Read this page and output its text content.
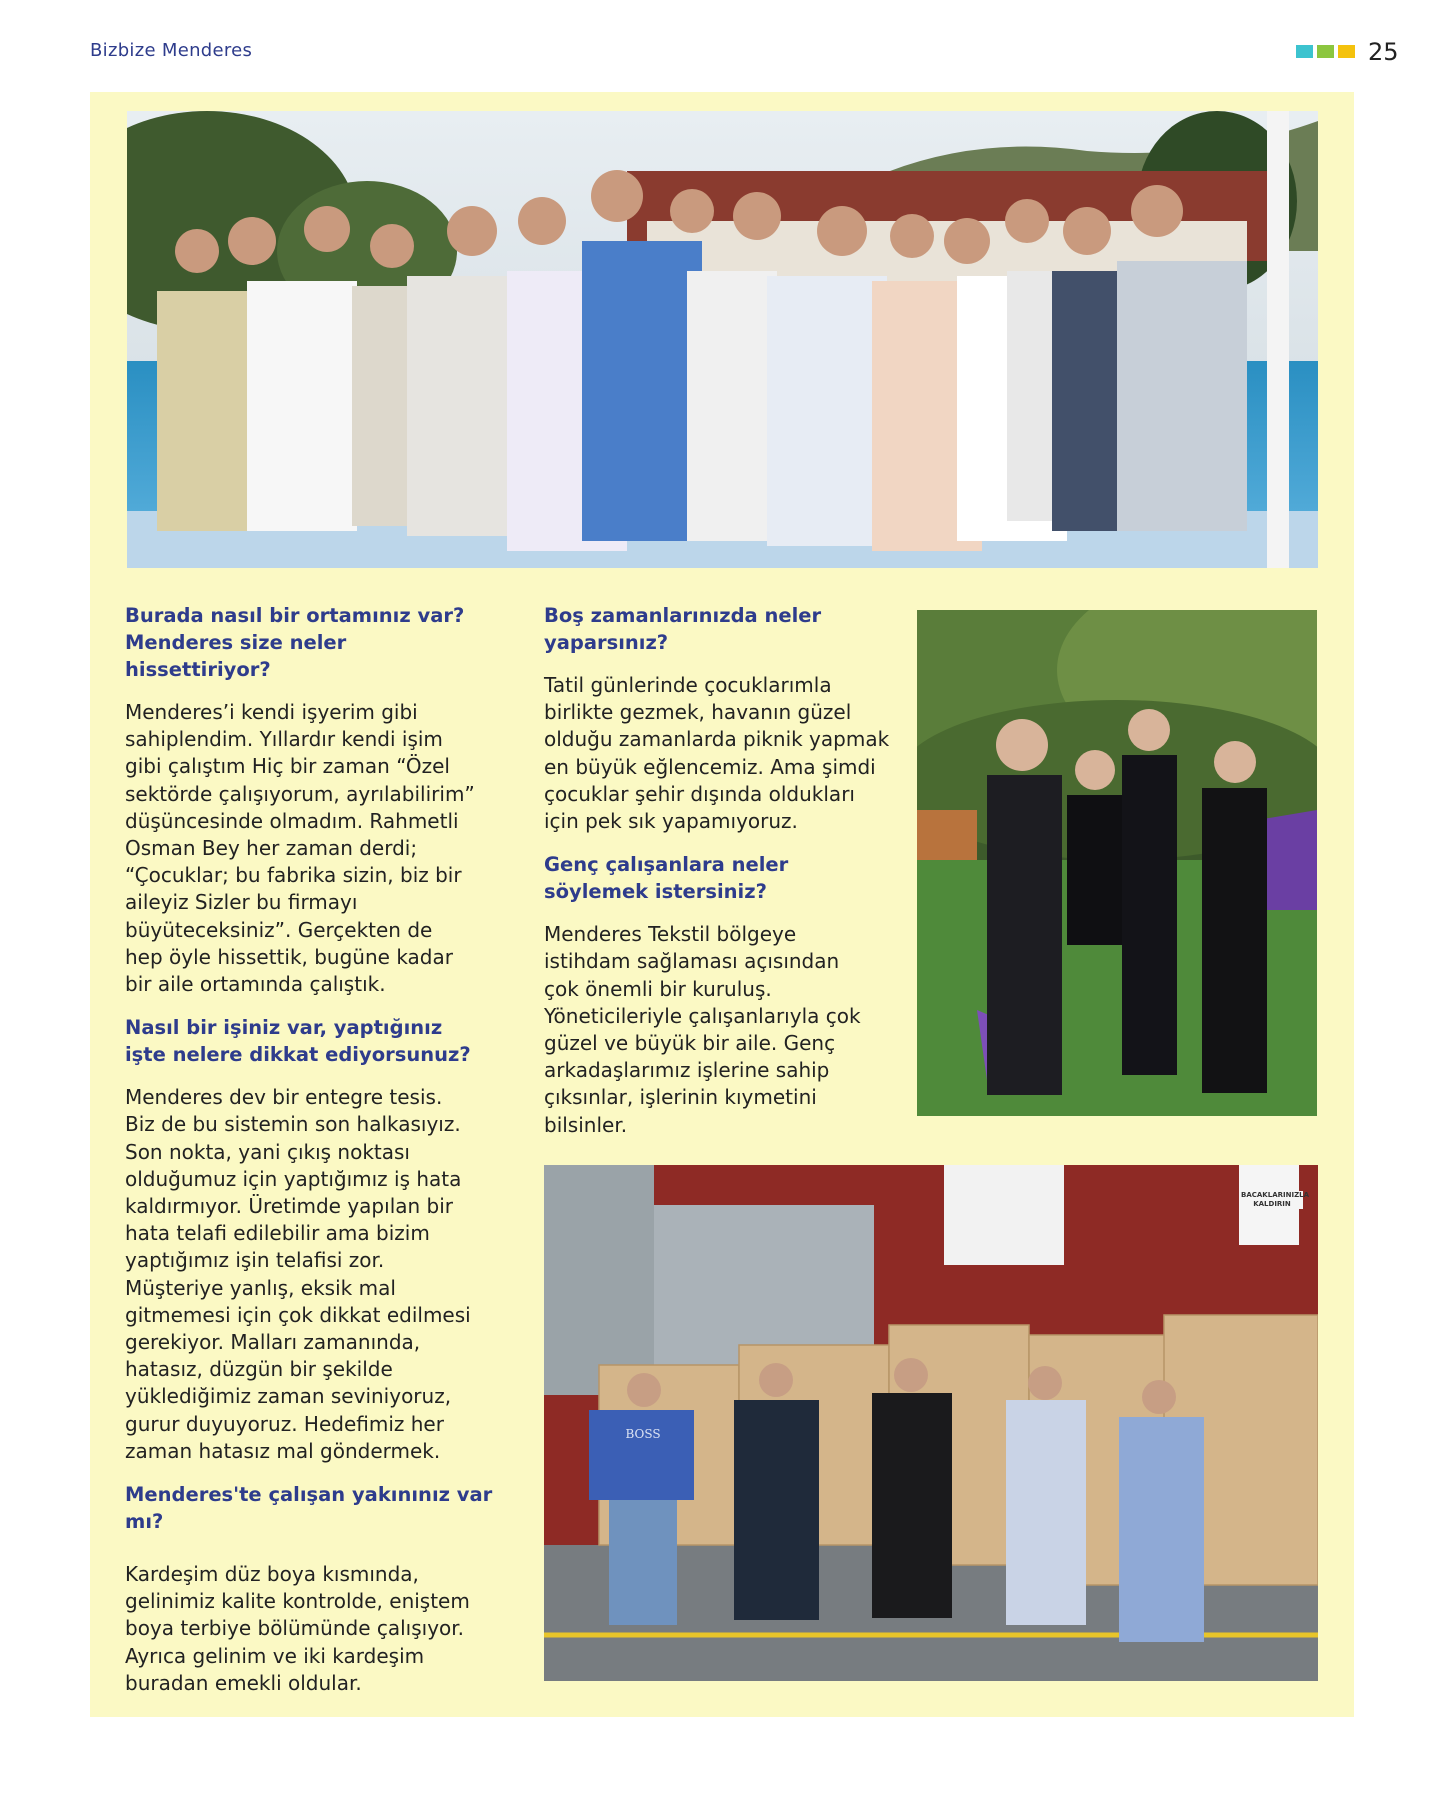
Bizbize Menderes	25
BACAKLARINIZLA
KALDIRIN
BOSS
Burada nasıl bir ortamınız var?
Menderes size neler
hissettiriyor?
Menderes’i kendi işyerim gibi
sahiplendim. Yıllardır kendi işim
gibi çalıştım Hiç bir zaman “Özel
sektörde çalışıyorum, ayrılabilirim”
düşüncesinde olmadım. Rahmetli
Osman Bey her zaman derdi;
“Çocuklar; bu fabrika sizin, biz bir
aileyiz Sizler bu firmayı
büyüteceksiniz”. Gerçekten de
hep öyle hissettik, bugüne kadar
bir aile ortamında çalıştık.
Nasıl bir işiniz var, yaptığınız
işte nelere dikkat ediyorsunuz?
Menderes dev bir entegre tesis.
Biz de bu sistemin son halkasıyız.
Son nokta, yani çıkış noktası
olduğumuz için yaptığımız iş hata
kaldırmıyor. Üretimde yapılan bir
hata telafi edilebilir ama bizim
yaptığımız işin telafisi zor.
Müşteriye yanlış, eksik mal
gitmemesi için çok dikkat edilmesi
gerekiyor. Malları zamanında,
hatasız, düzgün bir şekilde
yüklediğimiz zaman seviniyoruz,
gurur duyuyoruz. Hedefimiz her
zaman hatasız mal göndermek.
Menderes'te çalışan yakınınız var
mı?
Kardeşim düz boya kısmında,
gelinimiz kalite kontrolde, eniştem
boya terbiye bölümünde çalışıyor.
Ayrıca gelinim ve iki kardeşim
buradan emekli oldular.
Boş zamanlarınızda neler
yaparsınız?
Tatil günlerinde çocuklarımla
birlikte gezmek, havanın güzel
olduğu zamanlarda piknik yapmak
en büyük eğlencemiz. Ama şimdi
çocuklar şehir dışında oldukları
için pek sık yapamıyoruz.
Genç çalışanlara neler
söylemek istersiniz?
Menderes Tekstil bölgeye
istihdam sağlaması açısından
çok önemli bir kuruluş.
Yöneticileriyle çalışanlarıyla çok
güzel ve büyük bir aile. Genç
arkadaşlarımız işlerine sahip
çıksınlar, işlerinin kıymetini
bilsinler.
